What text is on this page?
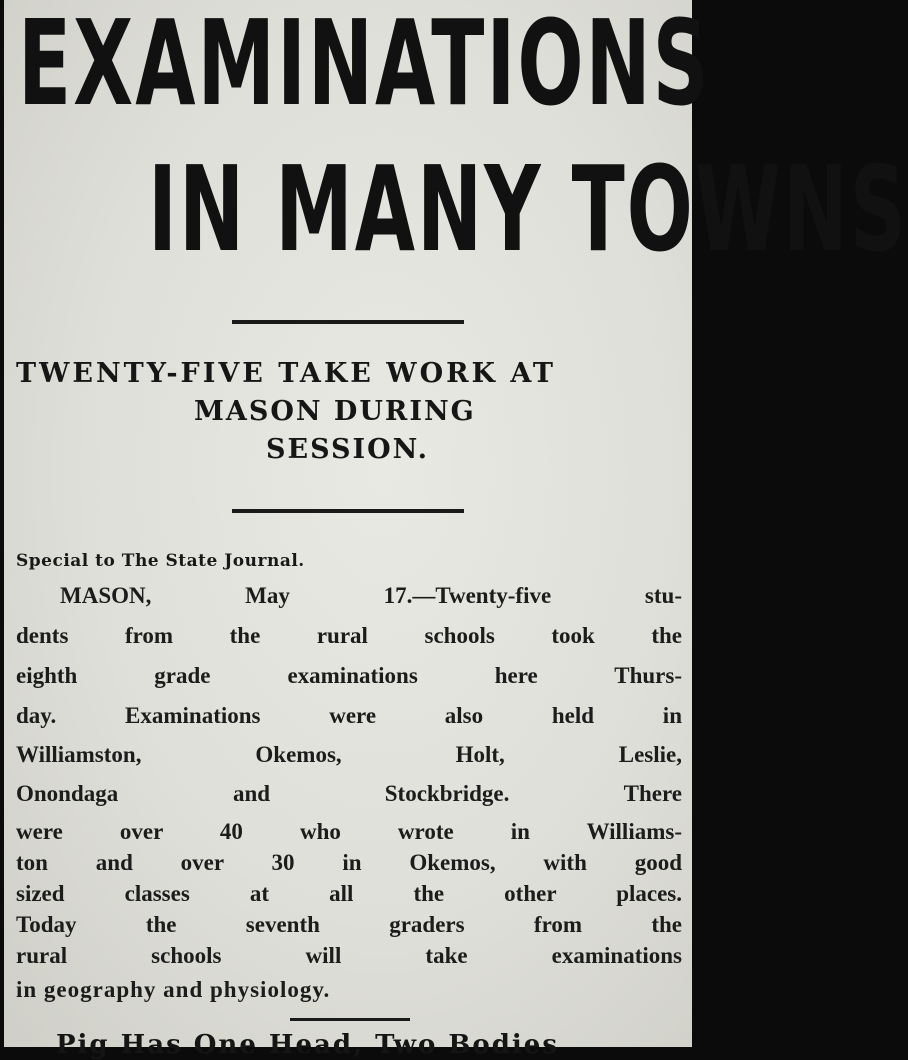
EXAMINATIONS
IN MANY TOWNS
TWENTY-FIVE TAKE WORK AT
MASON DURING
SESSION.
Special to The State Journal.

MASON, May 17.—Twenty-five stu-

dents from the rural schools took the

eighth grade examinations here Thurs-

day. Examinations were also held in

Williamston, Okemos, Holt, Leslie,

Onondaga and Stockbridge. There

were over 40 who wrote in Williams-

ton and over 30 in Okemos, with good

sized classes at all the other places.

Today the seventh graders from the

rural schools will take examinations

in geography and physiology.

Pig Has One Head, Two Bodies
